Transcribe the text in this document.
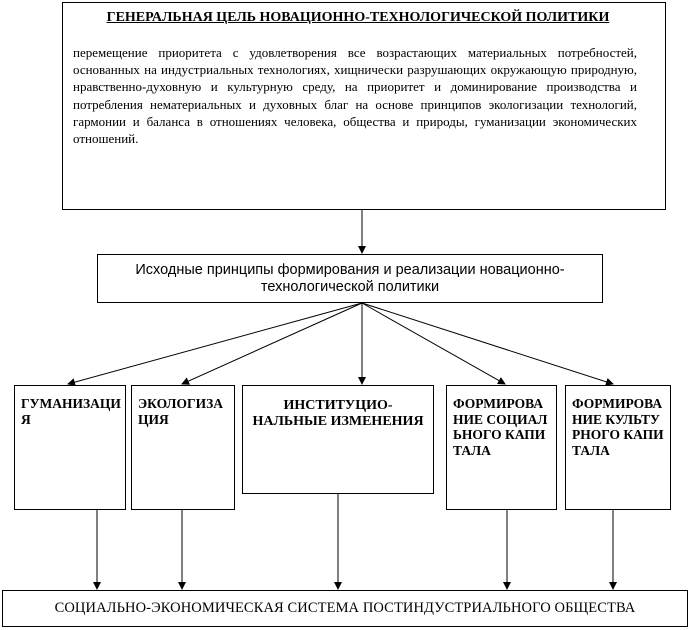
ГЕНЕРАЛЬНАЯ ЦЕЛЬ НОВАЦИОННО-ТЕХНОЛОГИЧЕСКОЙ ПОЛИТИКИ
перемещение приоритета с удовлетворения все возрастающих материальных потребностей, основанных на индустриальных технологиях, хищнически разрушающих окружающую природную, нравственно-духовную и культурную среду, на приоритет и доминирование производства и потребления нематериальных и духовных благ на основе принципов экологизации технологий, гармонии и баланса в отношениях человека, общества и природы, гуманизации экономических отношений.
Исходные принципы формирования и реализации новационно-технологической политики
ГУМАНИЗАЦИЯ
ЭКОЛОГИЗАЦИЯ
ИНСТИТУЦИО-НАЛЬНЫЕ ИЗМЕНЕНИЯ
ФОРМИРОВАНИЕ СОЦИАЛЬНОГО КАПИТАЛА
ФОРМИРОВАНИЕ КУЛЬТУРНОГО КАПИТАЛА
СОЦИАЛЬНО-ЭКОНОМИЧЕСКАЯ СИСТЕМА ПОСТИНДУСТРИАЛЬНОГО ОБЩЕСТВА
